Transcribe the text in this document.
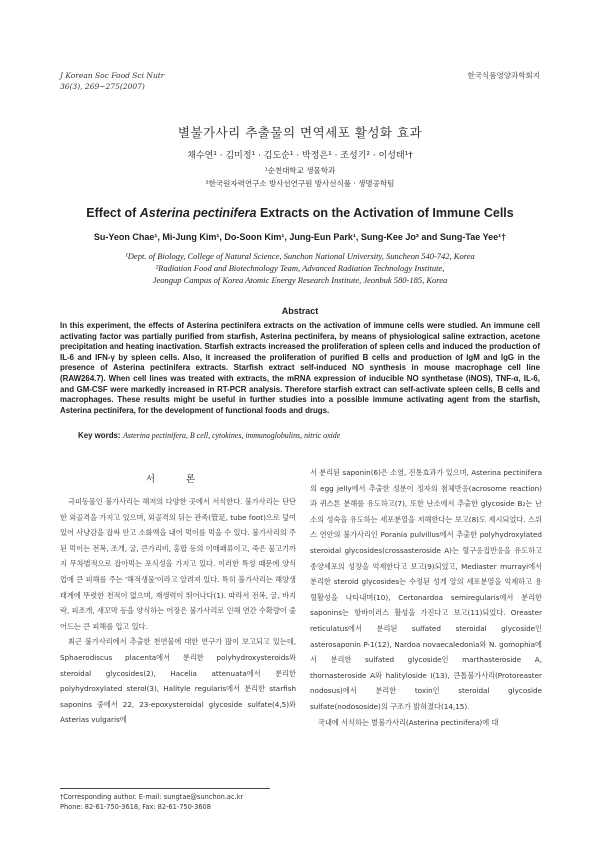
J Korean Soc Food Sci Nutr
36(3), 269~275(2007)
한국식품영양과학회지
별불가사리 추출물의 면역세포 활성화 효과
채수연¹ · 김미정¹ · 김도순¹ · 박정은¹ · 조성기² · 이성태¹†
¹순천대학교 생물학과
²한국원자력연구소 방사선연구원 방사선식품 · 생명공학팀
Effect of Asterina pectinifera Extracts on the Activation of Immune Cells
Su-Yeon Chae¹, Mi-Jung Kim¹, Do-Soon Kim¹, Jung-Eun Park¹, Sung-Kee Jo² and Sung-Tae Yee¹†
¹Dept. of Biology, College of Natural Science, Sunchon National University, Suncheon 540-742, Korea
²Radiation Food and Biotechnology Team, Advanced Radiation Technology Institute,
Jeongup Campus of Korea Atomic Energy Research Institute, Jeonbuk 580-185, Korea
Abstract
In this experiment, the effects of Asterina pectinifera extracts on the activation of immune cells were studied. An immune cell activating factor was partially purified from starfish, Asterina pectinifera, by means of physiological saline extraction, acetone precipitation and heating inactivation. Starfish extracts increased the proliferation of spleen cells and induced the production of IL-6 and IFN-γ by spleen cells. Also, it increased the proliferation of purified B cells and production of IgM and IgG in the presence of Asterina pectinifera extracts. Starfish extract self-induced NO synthesis in mouse macrophage cell line (RAW264.7). When cell lines was treated with extracts, the mRNA expression of inducible NO synthetase (iNOS), TNF-α, IL-6, and GM-CSF were markedly increased in RT-PCR analysis. Therefore starfish extract can self-activate spleen cells, B cells and macrophages. These results might be useful in further studies into a possible immune activating agent from the starfish, Asterina pectinifera, for the development of functional foods and drugs.
Key words: Asterina pectinifera, B cell, cytokines, immunoglobulins, nitric oxide
서 론

극피동물인 불가사리는 해저의 다양한 곳에서 서식한다. 불가사리는 단단한 외골격을 가지고 있으며, 외골격의 뒤는 관족(管足, tube foot)으로 덮여있어 사냥감을 잡싸 안고 소화액을 내어 먹이를 먹을 수 있다. 불가사리의 주된 먹이는 전복, 조개, 굴, 큰가리비, 홍합 등의 이매패류이고, 죽은 물고기까지 무차별적으로 잡아먹는 포식성을 가지고 있다. 이러한 특성 때문에 양식업에 큰 피해를 주는 '해적생물'이라고 알려져 있다. 특히 불가사리는 해양생태계에 뚜렷한 천적이 없으며, 재생력이 뛰어나다(1). 따라서 전복, 굴, 바지락, 피조개, 새꼬막 등을 양식하는 어장은 불가사리로 인해 연간 수확량이 줄어드는 큰 피해를 입고 있다.

최근 불가사리에서 추출한 천연물에 대한 연구가 많이 보고되고 있는데, Sphaerodiscus placenta에서 분리한 polyhydroxysteroids와 steroidal glycosides(2), Hacelia attenuata에서 분리한 polyhydroxylated sterol(3), Halityle regularis에서 분리한 starfish saponins 중에서 22, 23-epoxysteroidal glycoside sulfate(4,5)와 Asterias vulgaris에

서 분리된 saponin(6)은 소염, 진통효과가 있으며, Asterina pectinifera의 egg jelly에서 추출한 성분이 정자의 첨체반응(acrosome reaction)과 퀴스톤 분해를 유도하고(7), 또한 난소에서 추출한 glycoside B₂는 난소의 성숙을 유도하는 세포분열을 저해한다는 보고(8)도 제시되었다. 스위스 연안의 불가사리인 Porania pulvillus에서 추출한 polyhydroxylated steroidal glycosides(crossasteroside A)는 혈구응집반응을 유도하고 종양세포의 성장을 억제한다고 보고(9)되었고, Mediaster murrayi에서 분리한 steroid glycosides는 수정된 성게 알의 세포분열을 억제하고 용혈활성을 나타내며(10), Certonardoa semiregularis에서 분리한 saponins는 항바이러스 활성을 가진다고 보고(11)되었다. Oreaster reticulatus에서 분리된 sulfated steroidal glycoside인 asterosaponin P-1(12), Nardoa novaecaledonia와 N. gomophia에서 분리한 sulfated glycoside인 marthasteroside A, thornasteroside A와 halityloside I(13), 큰톱불가사리(Protoreaster nodosus)에서 분리한 toxin인 steroidal glycoside sulfate(nodososide)의 구조가 밝혀졌다(14,15).

국내에 서식하는 별불가사리(Asterina pectinifera)에 대

†Corresponding author. E-mail: sungtae@sunchon.ac.kr
Phone: 82-61-750-3618, Fax: 82-61-750-3608
